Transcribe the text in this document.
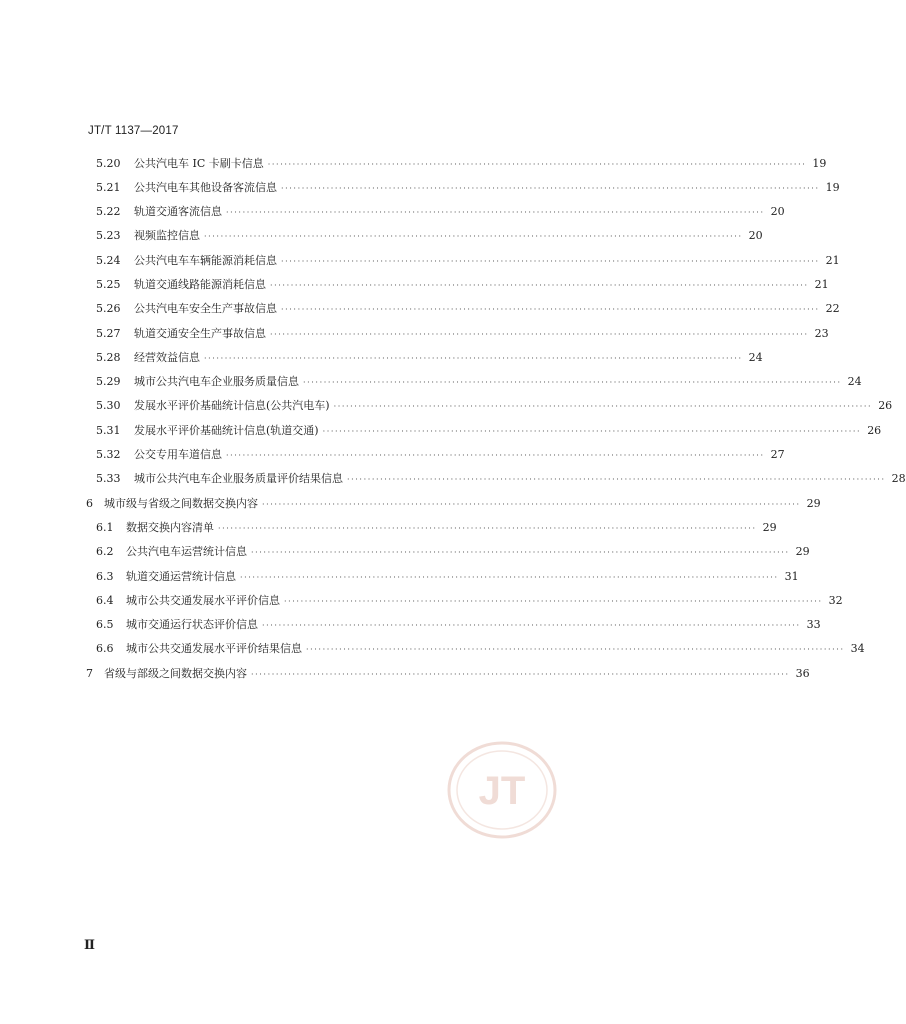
JT/T 1137—2017
5.20	公共汽电车 IC 卡刷卡信息 ·································································································································· 19
5.21	公共汽电车其他设备客流信息 ·································································································································· 19
5.22	轨道交通客流信息 ·································································································································· 20
5.23	视频监控信息 ·································································································································· 20
5.24	公共汽电车车辆能源消耗信息 ·································································································································· 21
5.25	轨道交通线路能源消耗信息 ·································································································································· 21
5.26	公共汽电车安全生产事故信息 ·································································································································· 22
5.27	轨道交通安全生产事故信息 ·································································································································· 23
5.28	经营效益信息 ·································································································································· 24
5.29	城市公共汽电车企业服务质量信息 ·································································································································· 24
5.30	发展水平评价基础统计信息(公共汽电车) ·································································································································· 26
5.31	发展水平评价基础统计信息(轨道交通) ·································································································································· 26
5.32	公交专用车道信息 ·································································································································· 27
5.33	城市公共汽电车企业服务质量评价结果信息 ·································································································································· 28
6	城市级与省级之间数据交换内容 ·································································································································· 29
6.1	数据交换内容清单 ·································································································································· 29
6.2	公共汽电车运营统计信息 ·································································································································· 29
6.3	轨道交通运营统计信息 ·································································································································· 31
6.4	城市公共交通发展水平评价信息 ·································································································································· 32
6.5	城市交通运行状态评价信息 ·································································································································· 33
6.6	城市公共交通发展水平评价结果信息 ·································································································································· 34
7	省级与部级之间数据交换内容 ·································································································································· 36
JT
Ⅱ
